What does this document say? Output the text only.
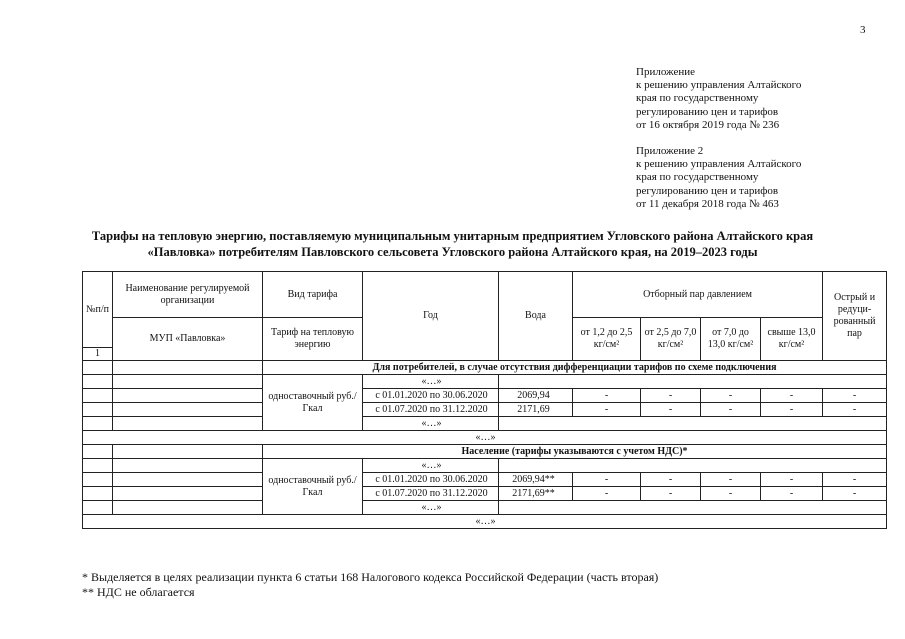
3
Приложение
к решению управления Алтайского
края по государственному
регулированию цен и тарифов
от 16 октября 2019 года № 236
Приложение 2
к решению управления Алтайского
края по государственному
регулированию цен и тарифов
от 11 декабря 2018 года № 463
Тарифы на тепловую энергию, поставляемую муниципальным унитарным предприятием Угловского района Алтайского края
«Павловка» потребителям Павловского сельсовета Угловского района Алтайского края, на 2019–2023 годы
№п/п	Наименование регулируемой организации	Вид тарифа	Год	Вода	Отборный пар давлением				Острый и редуци-рованный пар
	МУП «Павловка»	Тариф на тепловую энергию			от 1,2 до 2,5 кг/см²	от 2,5 до 7,0 кг/см²	от 7,0 до 13,0 кг/см²	свыше 13,0 кг/см²	
1									
		Для потребителей, в случае отсутствия дифференциации тарифов по схеме подключения							
		одноставочный руб./Гкал	«…»						
			с 01.01.2020 по 30.06.2020	2069,94	-	-	-	-	-
			с 01.07.2020 по 31.12.2020	2171,69	-	-	-	-	-
			«…»						
«…»									
		Население (тарифы указываются с учетом НДС)*							
		одноставочный руб./Гкал	«…»						
			с 01.01.2020 по 30.06.2020	2069,94**	-	-	-	-	-
			с 01.07.2020 по 31.12.2020	2171,69**	-	-	-	-	-
			«…»						
«…»									
* Выделяется в целях реализации пункта 6 статьи 168 Налогового кодекса Российской Федерации (часть вторая)
** НДС не облагается
